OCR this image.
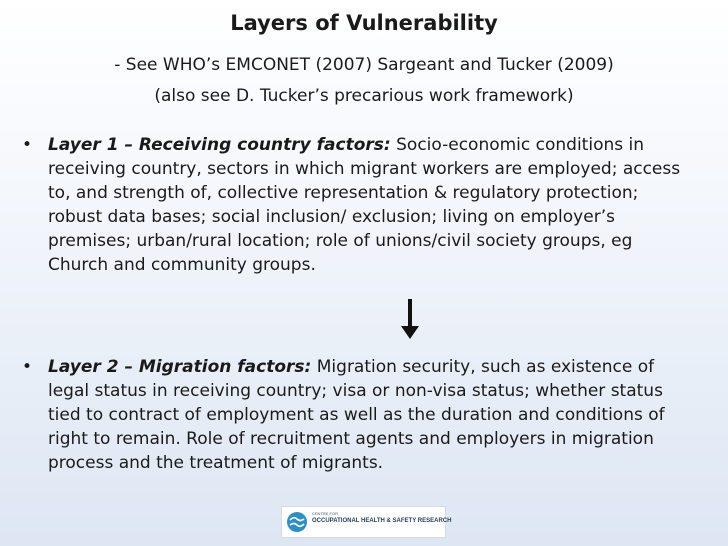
Layers of Vulnerability
- See WHO’s EMCONET (2007) Sargeant and Tucker (2009)
(also see D. Tucker’s precarious work framework)
• Layer 1 – Receiving country factors: Socio-economic conditions in receiving country, sectors in which migrant workers are employed; access to, and strength of, collective representation & regulatory protection; robust data bases; social inclusion/ exclusion; living on employer’s premises; urban/rural location; role of unions/civil society groups, eg Church and community groups.
• Layer 2 – Migration factors: Migration security, such as existence of legal status in receiving country; visa or non-visa status; whether status tied to contract of employment as well as the duration and conditions of right to remain. Role of recruitment agents and employers in migration process and the treatment of migrants.
CENTRE FOR
OCCUPATIONAL HEALTH & SAFETY RESEARCH
